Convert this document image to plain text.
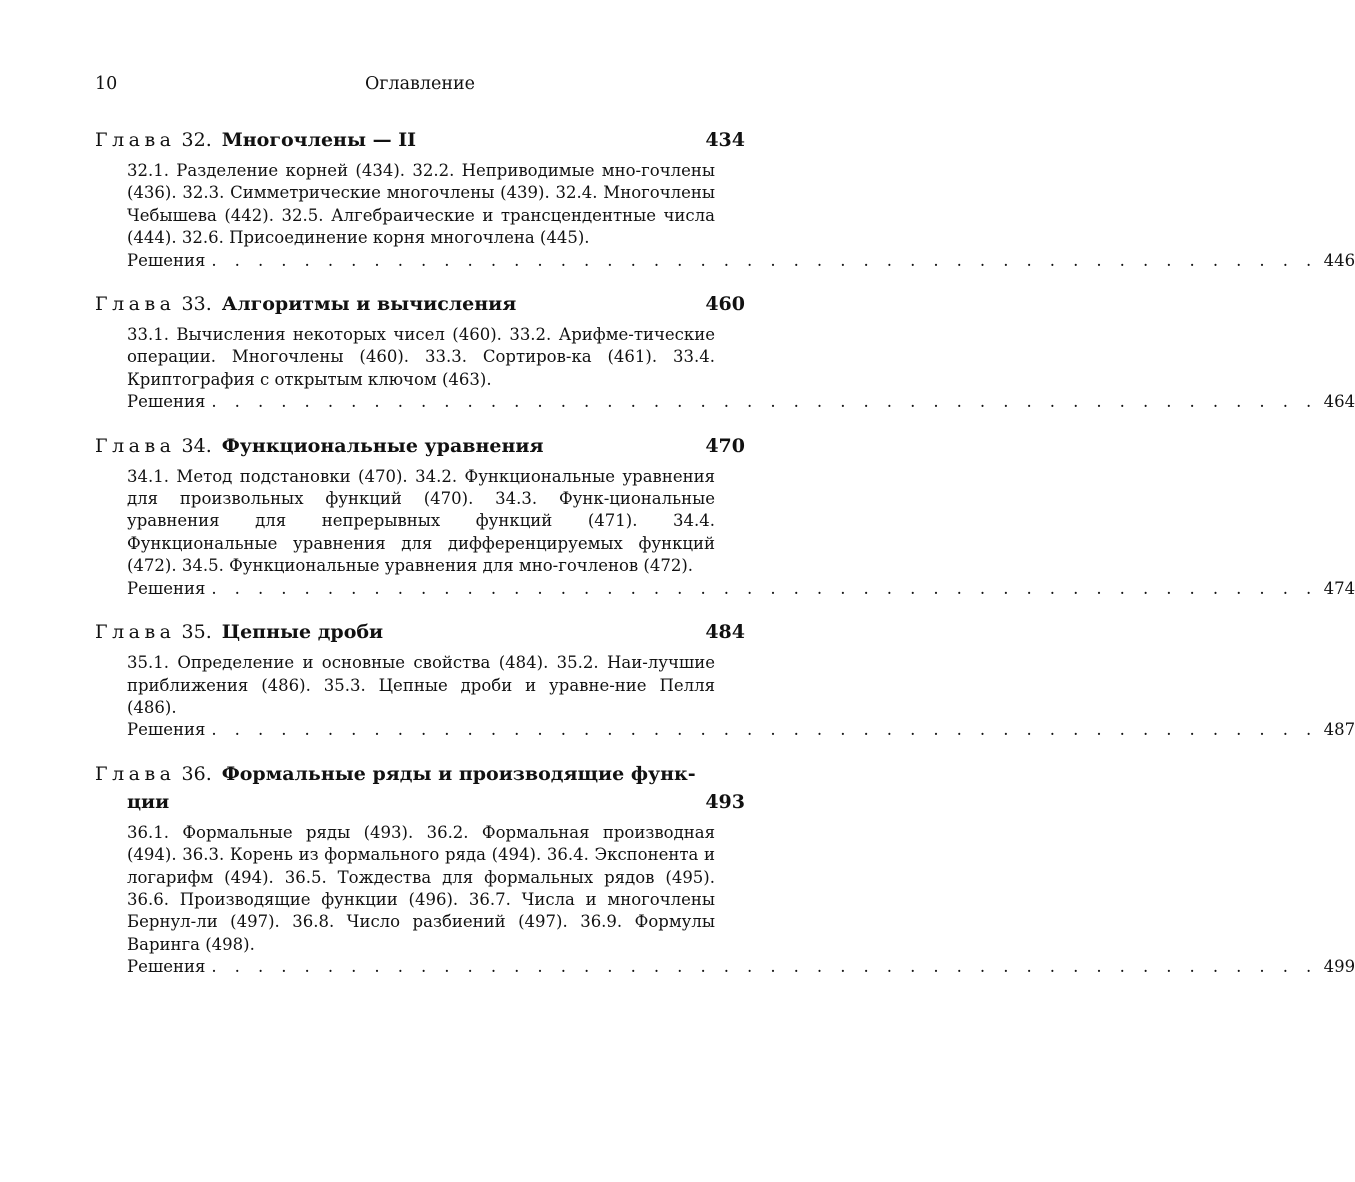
10	Оглавление
Глава 32. Многочлены — II	434
32.1. Разделение корней (434). 32.2. Неприводимые мно-гочлены (436). 32.3. Симметрические многочлены (439). 32.4. Многочлены Чебышева (442). 32.5. Алгебраические и трансцендентные числа (444). 32.6. Присоединение корня многочлена (445).
Решения . . . . . . . . . . . . . . . . . . . . . . . . . . . . . . . . . . . . . . . . . . . . . . . . 446
Глава 33. Алгоритмы и вычисления	460
33.1. Вычисления некоторых чисел (460). 33.2. Арифме-тические операции. Многочлены (460). 33.3. Сортиров-ка (461). 33.4. Криптография с открытым ключом (463).
Решения . . . . . . . . . . . . . . . . . . . . . . . . . . . . . . . . . . . . . . . . . . . . . . . . 464
Глава 34. Функциональные уравнения	470
34.1. Метод подстановки (470). 34.2. Функциональные уравнения для произвольных функций (470). 34.3. Функ-циональные уравнения для непрерывных функций (471). 34.4. Функциональные уравнения для дифференцируемых функций (472). 34.5. Функциональные уравнения для мно-гочленов (472).
Решения . . . . . . . . . . . . . . . . . . . . . . . . . . . . . . . . . . . . . . . . . . . . . . . . 474
Глава 35. Цепные дроби	484
35.1. Определение и основные свойства (484). 35.2. Наи-лучшие приближения (486). 35.3. Цепные дроби и уравне-ние Пелля (486).
Решения . . . . . . . . . . . . . . . . . . . . . . . . . . . . . . . . . . . . . . . . . . . . . . . . 487
Глава 36. Формальные ряды и производящие функ-
ции	493
36.1. Формальные ряды (493). 36.2. Формальная производная (494). 36.3. Корень из формального ряда (494). 36.4. Экспонента и логарифм (494). 36.5. Тождества для формальных рядов (495). 36.6. Производящие функции (496). 36.7. Числа и многочлены Бернул-ли (497). 36.8. Число разбиений (497). 36.9. Формулы Варинга (498).
Решения . . . . . . . . . . . . . . . . . . . . . . . . . . . . . . . . . . . . . . . . . . . . . . . . 499
